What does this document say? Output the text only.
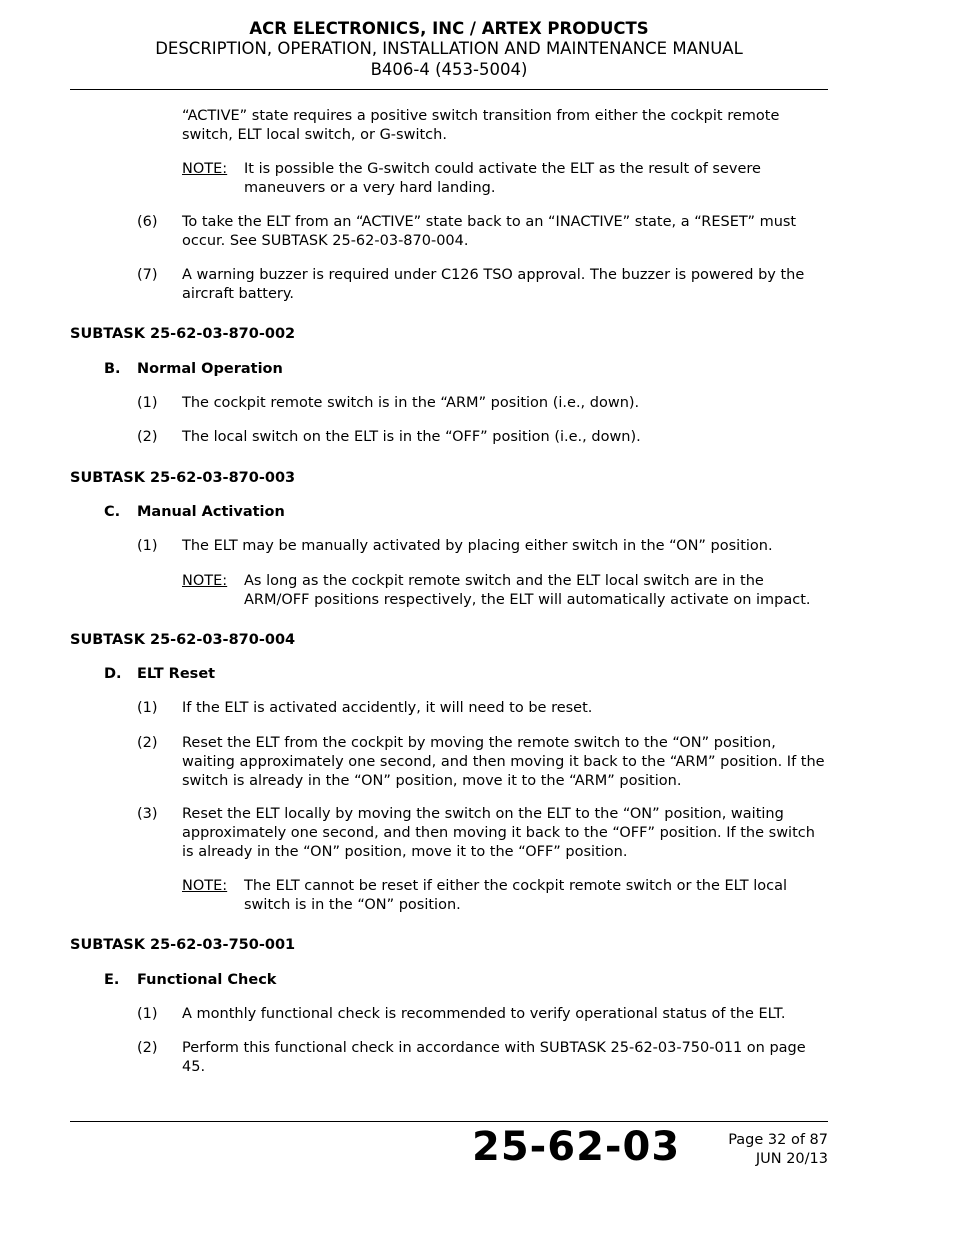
ACR ELECTRONICS, INC / ARTEX PRODUCTS
DESCRIPTION, OPERATION, INSTALLATION AND MAINTENANCE MANUAL
B406-4 (453-5004)
“ACTIVE” state requires a positive switch transition from either the cockpit remote switch, ELT local switch, or G-switch.
NOTE: It is possible the G-switch could activate the ELT as the result of severe maneuvers or a very hard landing.
(6) To take the ELT from an “ACTIVE” state back to an “INACTIVE” state, a “RESET” must occur. See SUBTASK 25-62-03-870-004.
(7) A warning buzzer is required under C126 TSO approval. The buzzer is powered by the aircraft battery.
SUBTASK 25-62-03-870-002
B. Normal Operation
(1) The cockpit remote switch is in the “ARM” position (i.e., down).
(2) The local switch on the ELT is in the “OFF” position (i.e., down).
SUBTASK 25-62-03-870-003
C. Manual Activation
(1) The ELT may be manually activated by placing either switch in the “ON” position.
NOTE: As long as the cockpit remote switch and the ELT local switch are in the ARM/OFF positions respectively, the ELT will automatically activate on impact.
SUBTASK 25-62-03-870-004
D. ELT Reset
(1) If the ELT is activated accidently, it will need to be reset.
(2) Reset the ELT from the cockpit by moving the remote switch to the “ON” position, waiting approximately one second, and then moving it back to the “ARM” position. If the switch is already in the “ON” position, move it to the “ARM” position.
(3) Reset the ELT locally by moving the switch on the ELT to the “ON” position, waiting approximately one second, and then moving it back to the “OFF” position. If the switch is already in the “ON” position, move it to the “OFF” position.
NOTE: The ELT cannot be reset if either the cockpit remote switch or the ELT local switch is in the “ON” position.
SUBTASK 25-62-03-750-001
E. Functional Check
(1) A monthly functional check is recommended to verify operational status of the ELT.
(2) Perform this functional check in accordance with SUBTASK 25-62-03-750-011 on page 45.
25-62-03	Page 32 of 87
JUN 20/13
